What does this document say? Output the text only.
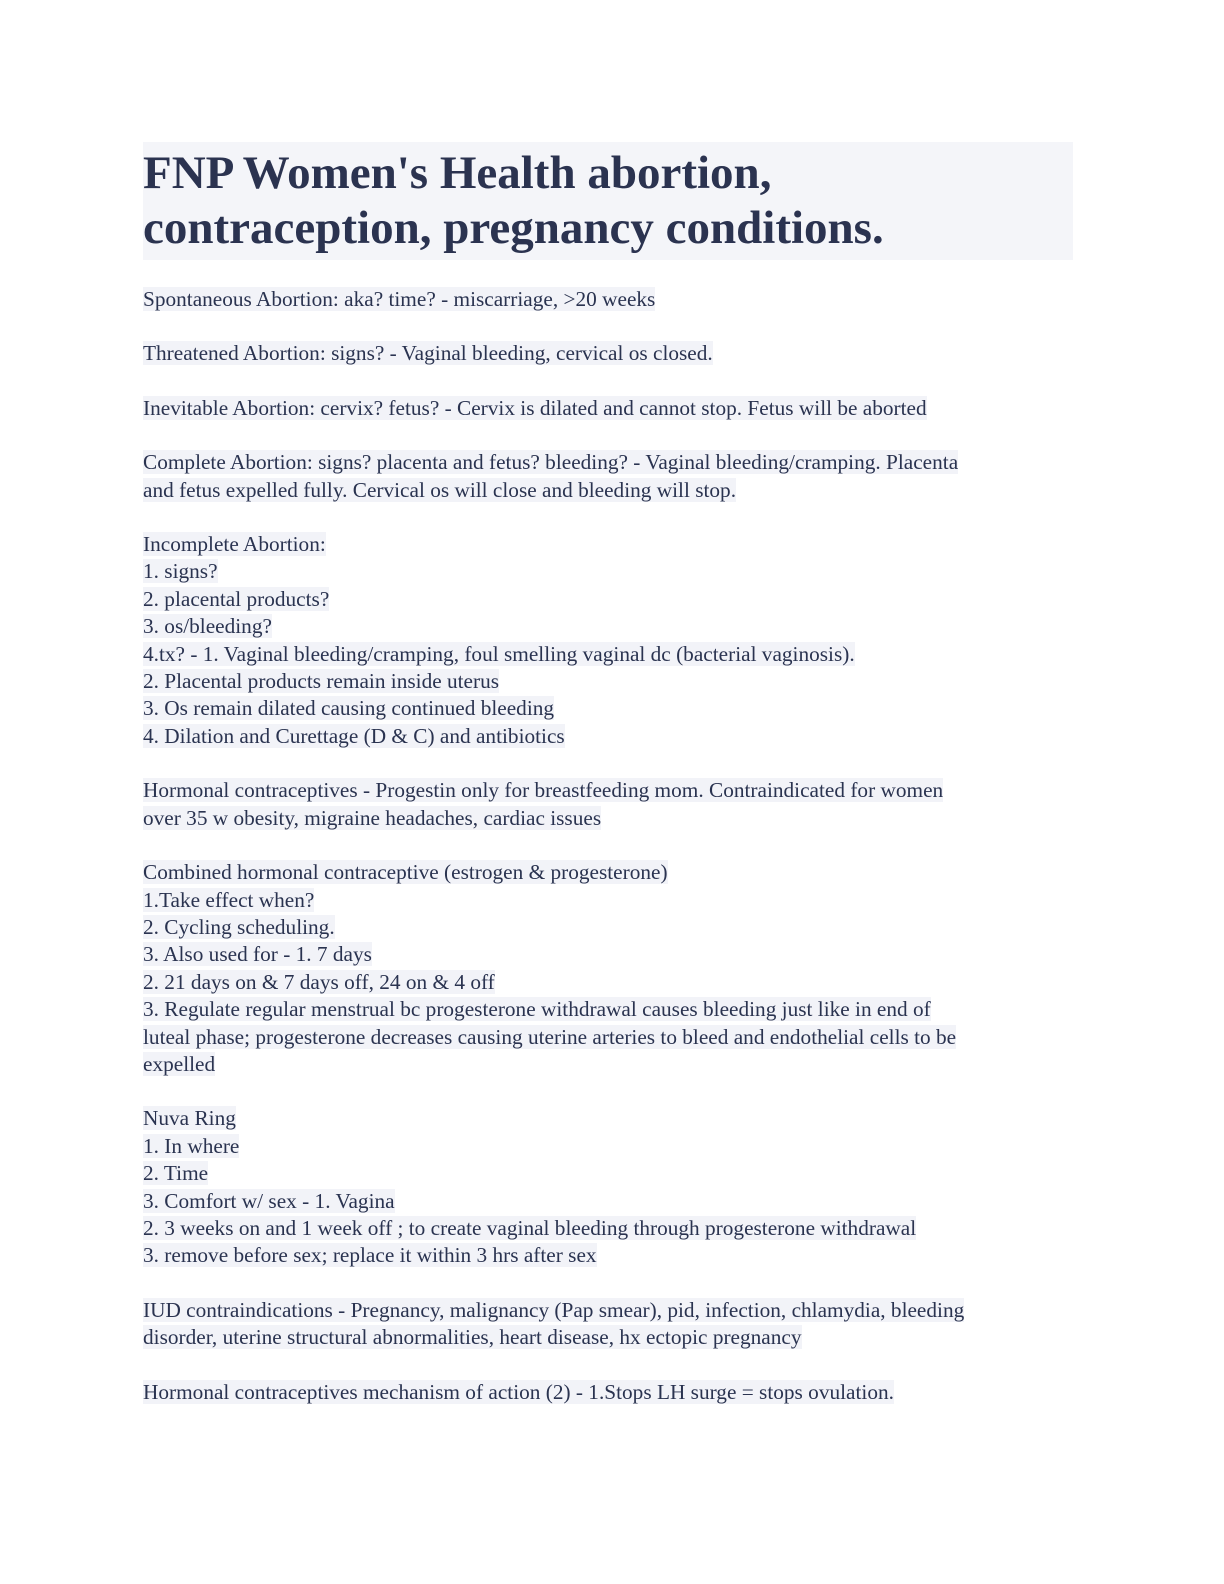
FNP Women's Health abortion,
contraception, pregnancy conditions.
Spontaneous Abortion: aka? time? - miscarriage, >20 weeks
Threatened Abortion: signs? - Vaginal bleeding, cervical os closed.
Inevitable Abortion: cervix? fetus? - Cervix is dilated and cannot stop. Fetus will be aborted
Complete Abortion: signs? placenta and fetus? bleeding? - Vaginal bleeding/cramping. Placenta
and fetus expelled fully. Cervical os will close and bleeding will stop.
Incomplete Abortion:
1. signs?
2. placental products?
3. os/bleeding?
4.tx? - 1. Vaginal bleeding/cramping, foul smelling vaginal dc (bacterial vaginosis).
2. Placental products remain inside uterus
3. Os remain dilated causing continued bleeding
4. Dilation and Curettage (D & C) and antibiotics
Hormonal contraceptives - Progestin only for breastfeeding mom. Contraindicated for women
over 35 w obesity, migraine headaches, cardiac issues
Combined hormonal contraceptive (estrogen & progesterone)
1.Take effect when?
2. Cycling scheduling.
3. Also used for - 1. 7 days
2. 21 days on & 7 days off, 24 on & 4 off
3. Regulate regular menstrual bc progesterone withdrawal causes bleeding just like in end of
luteal phase; progesterone decreases causing uterine arteries to bleed and endothelial cells to be
expelled
Nuva Ring
1. In where
2. Time
3. Comfort w/ sex - 1. Vagina
2. 3 weeks on and 1 week off ; to create vaginal bleeding through progesterone withdrawal
3. remove before sex; replace it within 3 hrs after sex
IUD contraindications - Pregnancy, malignancy (Pap smear), pid, infection, chlamydia, bleeding
disorder, uterine structural abnormalities, heart disease, hx ectopic pregnancy
Hormonal contraceptives mechanism of action (2) - 1.Stops LH surge = stops ovulation.
